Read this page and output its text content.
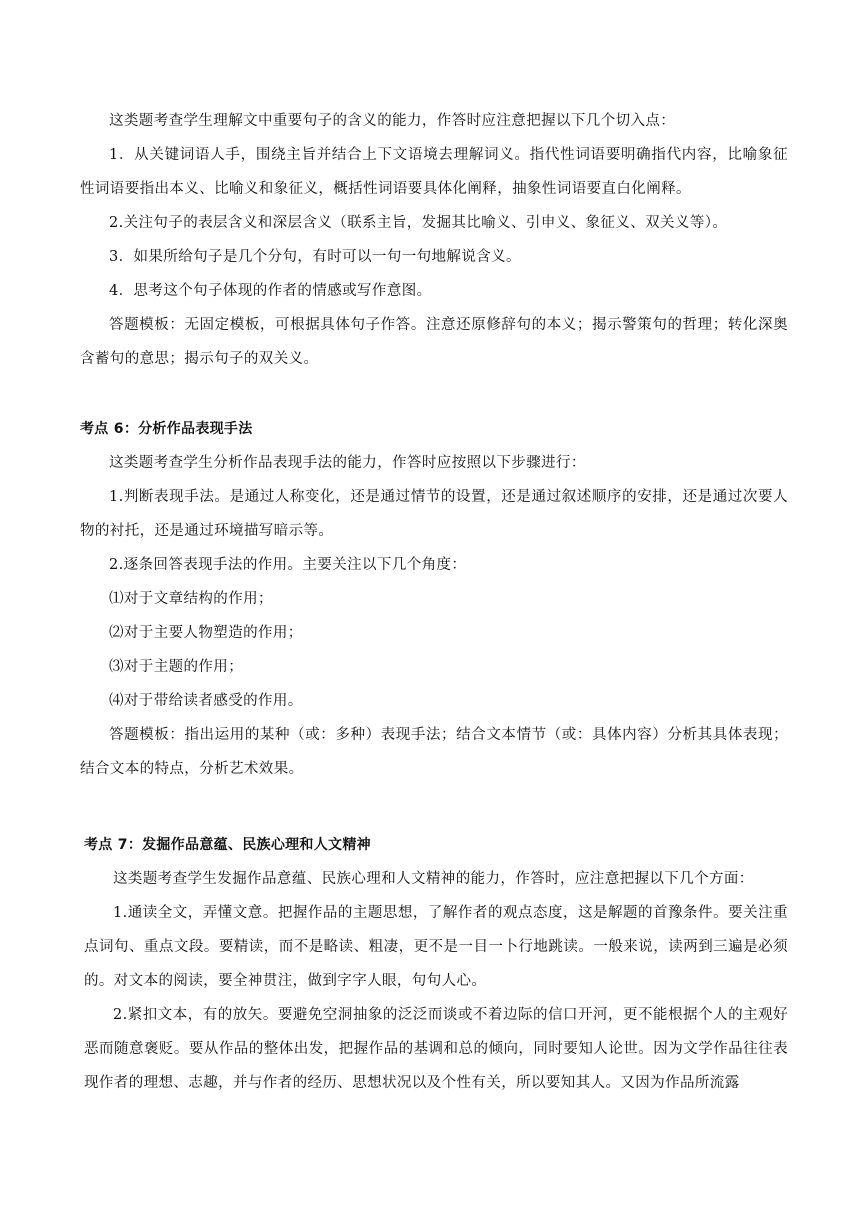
这类题考查学生理解文中重要句子的含义的能力，作答时应注意把握以下几个切入点：

1．从关键词语人手，围绕主旨并结合上下文语境去理解词义。指代性词语要明确指代内容，比喻象征性词语要指出本义、比喻义和象征义，概括性词语要具体化阐释，抽象性词语要直白化阐释。

2.关注句子的表层含义和深层含义（联系主旨，发掘其比喻义、引申义、象征义、双关义等）。

3．如果所给句子是几个分句，有时可以一句一句地解说含义。

4．思考这个句子体现的作者的情感或写作意图。

答题模板：无固定模板，可根据具体句子作答。注意还原修辞句的本义；揭示警策句的哲理；转化深奥含蓄句的意思；揭示句子的双关义。

考点 6：分析作品表现手法

这类题考查学生分析作品表现手法的能力，作答时应按照以下步骤进行：

1.判断表现手法。是通过人称变化，还是通过情节的设置，还是通过叙述顺序的安排，还是通过次要人物的衬托，还是通过环境描写暗示等。

2.逐条回答表现手法的作用。主要关注以下几个角度：

⑴对于文章结构的作用；

⑵对于主要人物塑造的作用；

⑶对于主题的作用；

⑷对于带给读者感受的作用。

答题模板：指出运用的某种（或：多种）表现手法；结合文本情节（或：具体内容）分析其具体表现；结合文本的特点，分析艺术效果。

考点 7：发掘作品意蕴、民族心理和人文精神

这类题考查学生发掘作品意蕴、民族心理和人文精神的能力，作答时，应注意把握以下几个方面：

1.通读全文，弄懂文意。把握作品的主题思想，了解作者的观点态度，这是解题的首豫条件。要关注重点词句、重点文段。要精读，而不是略读、粗凄，更不是一目一卜行地跳读。一般来说，读两到三遍是必须的。对文本的阅读，要全神贯注，做到字字人眼，句句人心。

2.紧扣文本，有的放矢。要避免空洞抽象的泛泛而谈或不着边际的信口开河，更不能根据个人的主观好恶而随意褒贬。要从作品的整体出发，把握作品的基调和总的倾向，同时要知人论世。因为文学作品往往表现作者的理想、志趣，并与作者的经历、思想状况以及个性有关，所以要知其人。又因为作品所流露
